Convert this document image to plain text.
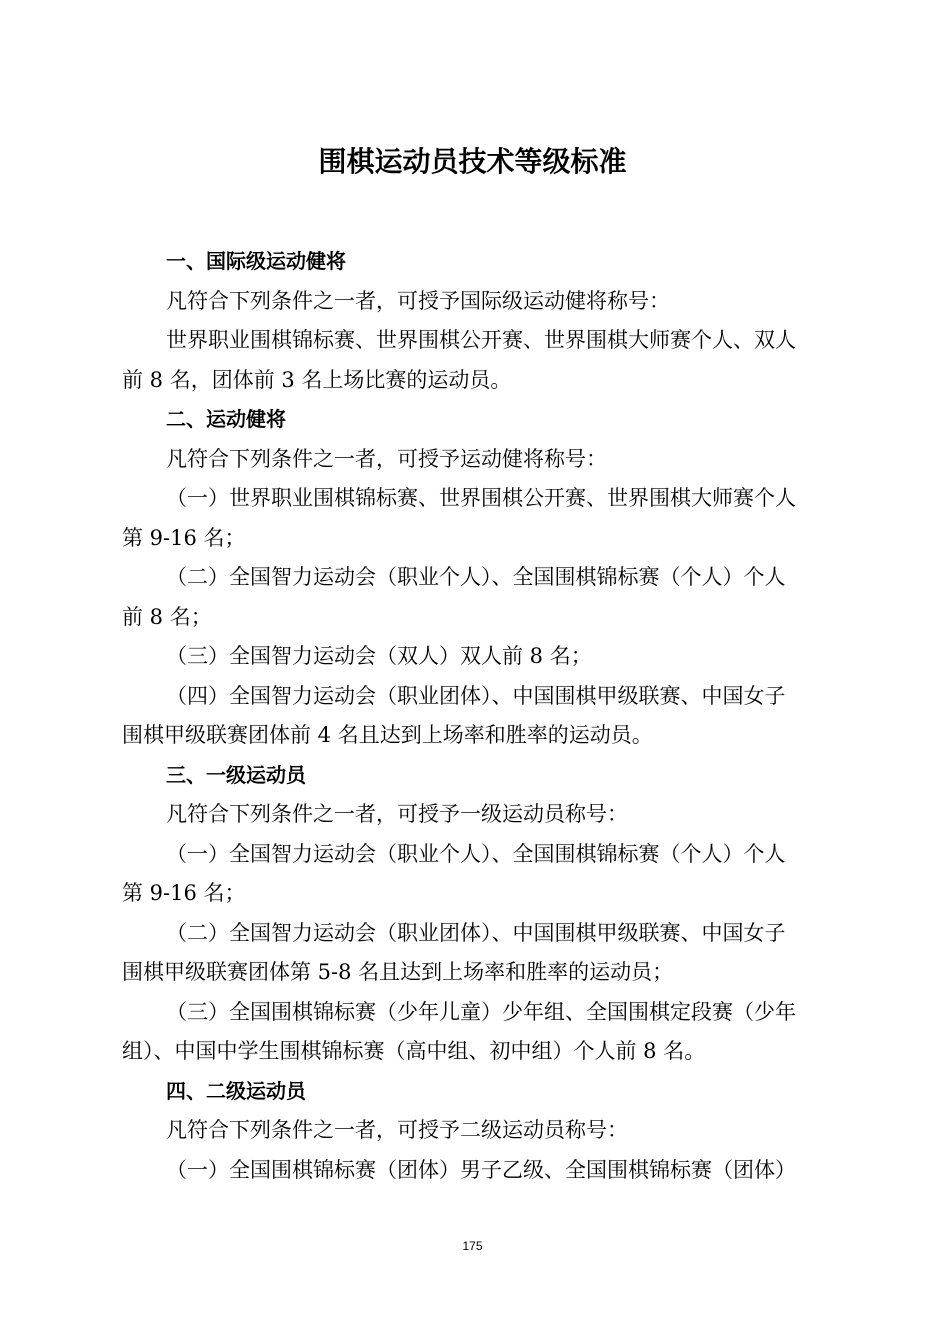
围棋运动员技术等级标准

一、国际级运动健将

凡符合下列条件之一者，可授予国际级运动健将称号：

世界职业围棋锦标赛、世界围棋公开赛、世界围棋大师赛个人、双人

前 8 名，团体前 3 名上场比赛的运动员。

二、运动健将

凡符合下列条件之一者，可授予运动健将称号：

（一）世界职业围棋锦标赛、世界围棋公开赛、世界围棋大师赛个人

第 9-16 名；

（二）全国智力运动会（职业个人）、全国围棋锦标赛（个人）个人

前 8 名；

（三）全国智力运动会（双人）双人前 8 名；

（四）全国智力运动会（职业团体）、中国围棋甲级联赛、中国女子

围棋甲级联赛团体前 4 名且达到上场率和胜率的运动员。

三、一级运动员

凡符合下列条件之一者，可授予一级运动员称号：

（一）全国智力运动会（职业个人）、全国围棋锦标赛（个人）个人

第 9-16 名；

（二）全国智力运动会（职业团体）、中国围棋甲级联赛、中国女子

围棋甲级联赛团体第 5-8 名且达到上场率和胜率的运动员；

（三）全国围棋锦标赛（少年儿童）少年组、全国围棋定段赛（少年

组）、中国中学生围棋锦标赛（高中组、初中组）个人前 8 名。

四、二级运动员

凡符合下列条件之一者，可授予二级运动员称号：

（一）全国围棋锦标赛（团体）男子乙级、全国围棋锦标赛（团体）

175
